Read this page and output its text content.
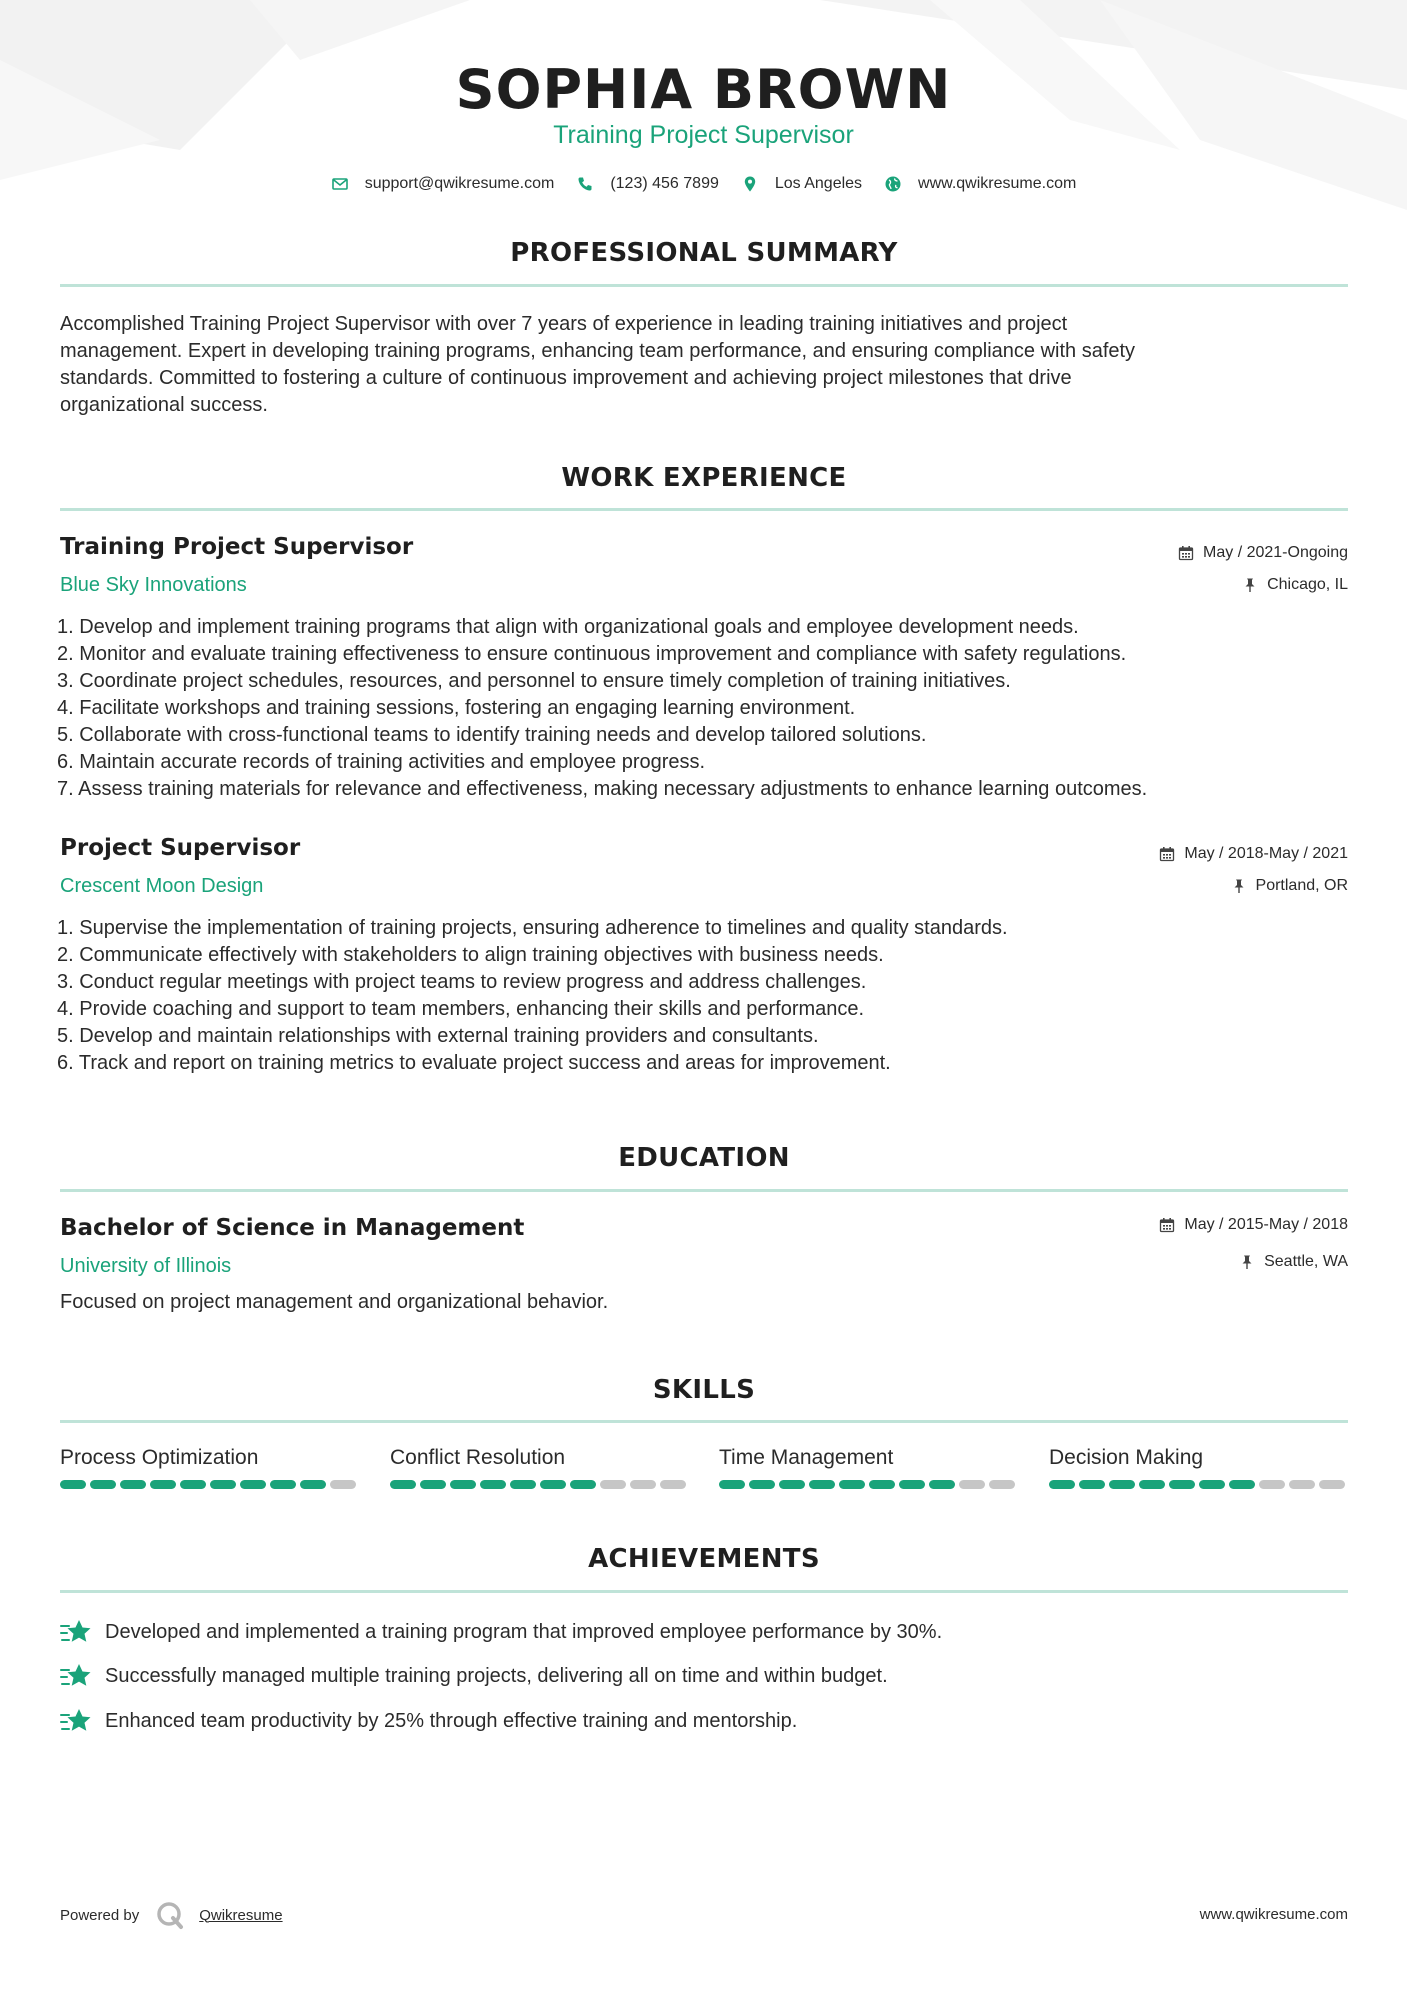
SOPHIA BROWN
Training Project Supervisor
support@qwikresume.com	(123) 456 7899	Los Angeles	www.qwikresume.com
PROFESSIONAL SUMMARY
Accomplished Training Project Supervisor with over 7 years of experience in leading training initiatives and project
management. Expert in developing training programs, enhancing team performance, and ensuring compliance with safety
standards. Committed to fostering a culture of continuous improvement and achieving project milestones that drive
organizational success.
WORK EXPERIENCE
Training Project Supervisor	May / 2021-Ongoing
Blue Sky Innovations	Chicago, IL
1. Develop and implement training programs that align with organizational goals and employee development needs.
2. Monitor and evaluate training effectiveness to ensure continuous improvement and compliance with safety regulations.
3. Coordinate project schedules, resources, and personnel to ensure timely completion of training initiatives.
4. Facilitate workshops and training sessions, fostering an engaging learning environment.
5. Collaborate with cross-functional teams to identify training needs and develop tailored solutions.
6. Maintain accurate records of training activities and employee progress.
7. Assess training materials for relevance and effectiveness, making necessary adjustments to enhance learning outcomes.
Project Supervisor	May / 2018-May / 2021
Crescent Moon Design	Portland, OR
1. Supervise the implementation of training projects, ensuring adherence to timelines and quality standards.
2. Communicate effectively with stakeholders to align training objectives with business needs.
3. Conduct regular meetings with project teams to review progress and address challenges.
4. Provide coaching and support to team members, enhancing their skills and performance.
5. Develop and maintain relationships with external training providers and consultants.
6. Track and report on training metrics to evaluate project success and areas for improvement.
EDUCATION
Bachelor of Science in Management	May / 2015-May / 2018
University of Illinois	Seattle, WA
Focused on project management and organizational behavior.
SKILLS
Process Optimization	Conflict Resolution	Time Management	Decision Making
ACHIEVEMENTS
Developed and implemented a training program that improved employee performance by 30%.
Successfully managed multiple training projects, delivering all on time and within budget.
Enhanced team productivity by 25% through effective training and mentorship.
Powered by	Qwikresume	www.qwikresume.com
